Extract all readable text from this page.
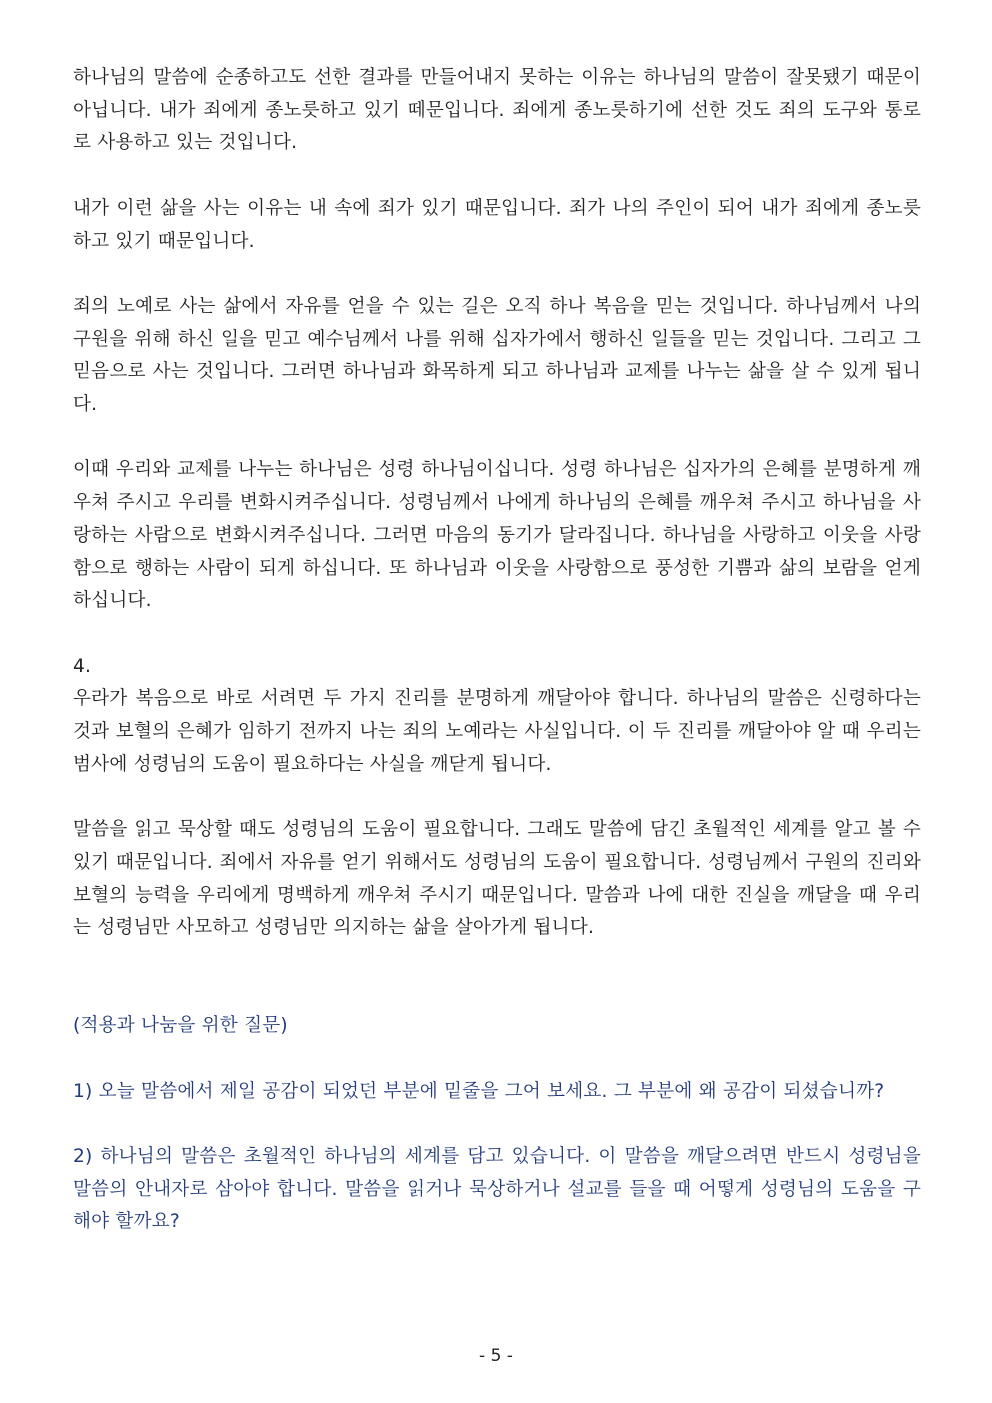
하나님의 말씀에 순종하고도 선한 결과를 만들어내지 못하는 이유는 하나님의 말씀이 잘못됐기 때문이 아닙니다. 내가 죄에게 종노릇하고 있기 떼문입니다. 죄에게 종노릇하기에 선한 것도 죄의 도구와 통로로 사용하고 있는 것입니다.

내가 이런 삶을 사는 이유는 내 속에 죄가 있기 때문입니다. 죄가 나의 주인이 되어 내가 죄에게 종노릇하고 있기 때문입니다.

죄의 노예로 사는 삶에서 자유를 얻을 수 있는 길은 오직 하나 복음을 믿는 것입니다. 하나님께서 나의 구원을 위해 하신 일을 믿고 예수님께서 나를 위해 십자가에서 행하신 일들을 믿는 것입니다. 그리고 그 믿음으로 사는 것입니다. 그러면 하나님과 화목하게 되고 하나님과 교제를 나누는 삶을 살 수 있게 됩니다.

이때 우리와 교제를 나누는 하나님은 성령 하나님이십니다. 성령 하나님은 십자가의 은혜를 분명하게 깨우쳐 주시고 우리를 변화시켜주십니다. 성령님께서 나에게 하나님의 은혜를 깨우쳐 주시고 하나님을 사랑하는 사람으로 변화시켜주십니다. 그러면 마음의 동기가 달라집니다. 하나님을 사랑하고 이웃을 사랑함으로 행하는 사람이 되게 하십니다. 또 하나님과 이웃을 사랑함으로 풍성한 기쁨과 삶의 보람을 얻게 하십니다.

4.

우라가 복음으로 바로 서려면 두 가지 진리를 분명하게 깨달아야 합니다. 하나님의 말씀은 신령하다는 것과 보혈의 은혜가 임하기 전까지 나는 죄의 노예라는 사실입니다. 이 두 진리를 깨달아야 알 때 우리는 범사에 성령님의 도움이 필요하다는 사실을 깨닫게 됩니다.

말씀을 읽고 묵상할 때도 성령님의 도움이 필요합니다. 그래도 말씀에 담긴 초월적인 세계를 알고 볼 수 있기 때문입니다. 죄에서 자유를 얻기 위해서도 성령님의 도움이 필요합니다. 성령님께서 구원의 진리와 보혈의 능력을 우리에게 명백하게 깨우쳐 주시기 때문입니다. 말씀과 나에 대한 진실을 깨달을 때 우리는 성령님만 사모하고 성령님만 의지하는 삶을 살아가게 됩니다.

(적용과 나눔을 위한 질문)

1) 오늘 말씀에서 제일 공감이 되었던 부분에 밑줄을 그어 보세요. 그 부분에 왜 공감이 되셨습니까?

2) 하나님의 말씀은 초월적인 하나님의 세계를 담고 있습니다. 이 말씀을 깨달으려면 반드시 성령님을 말씀의 안내자로 삼아야 합니다. 말씀을 읽거나 묵상하거나 설교를 들을 때 어떻게 성령님의 도움을 구해야 할까요?

- 5 -
